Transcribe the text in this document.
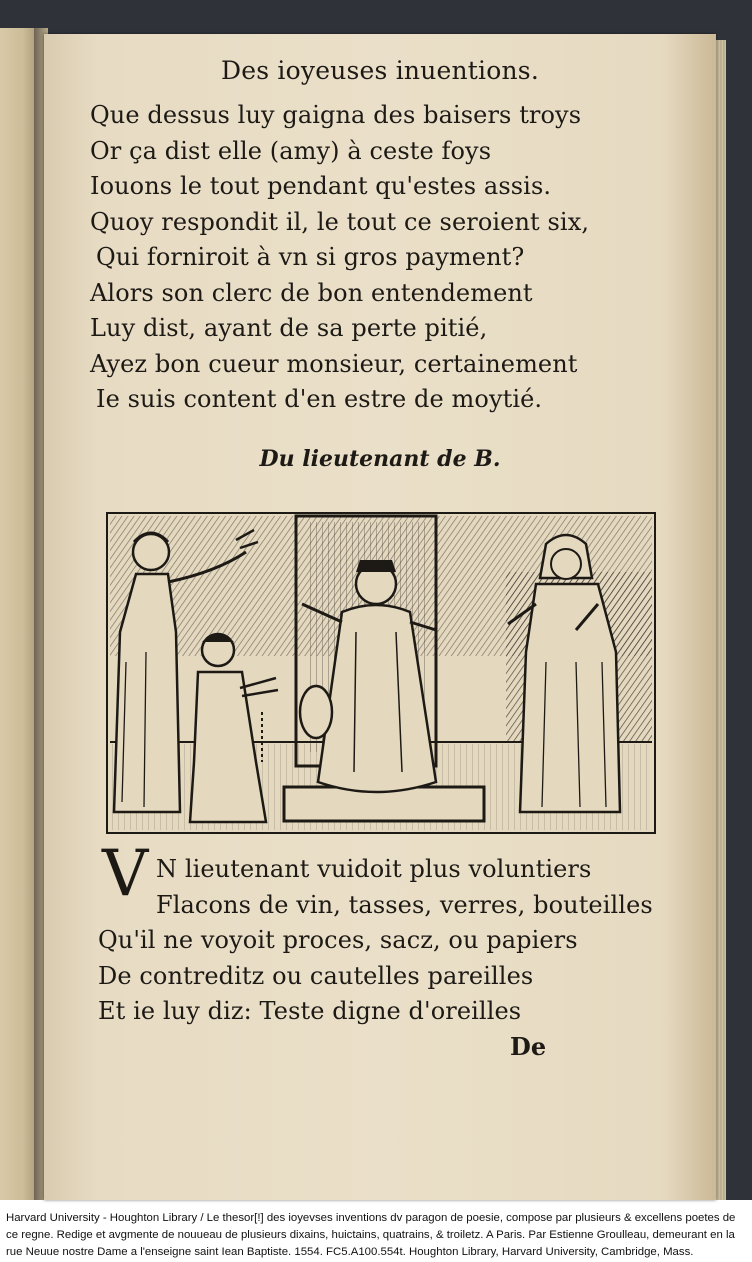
Des ioyeuses inuentions.
Que dessus luy gaigna des baisers troys
Or ça dist elle (amy) à ceste foys
Iouons le tout pendant qu'estes assis.
Quoy respondit il, le tout ce seroient six,
Qui forniroit à vn si gros payment?
Alors son clerc de bon entendement
Luy dist, ayant de sa perte pitié,
Ayez bon cueur monsieur, certainement
Ie suis content d'en estre de moytié.
Du lieutenant de B.
V N lieutenant vuidoit plus voluntiers
Flacons de vin, tasses, verres, bouteilles
Qu'il ne voyoit proces, sacz, ou papiers
De contreditz ou cautelles pareilles
Et ie luy diz: Teste digne d'oreilles
De
Harvard University - Houghton Library / Le thesor[!] des ioyevses inventions dv paragon de poesie, compose par plusieurs & excellens poetes de ce regne. Redige et avgmente de nouueau de plusieurs dixains, huictains, quatrains, & troiletz. A Paris. Par Estienne Groulleau, demeurant en la rue Neuue nostre Dame a l'enseigne saint Iean Baptiste. 1554. FC5.A100.554t. Houghton Library, Harvard University, Cambridge, Mass.
